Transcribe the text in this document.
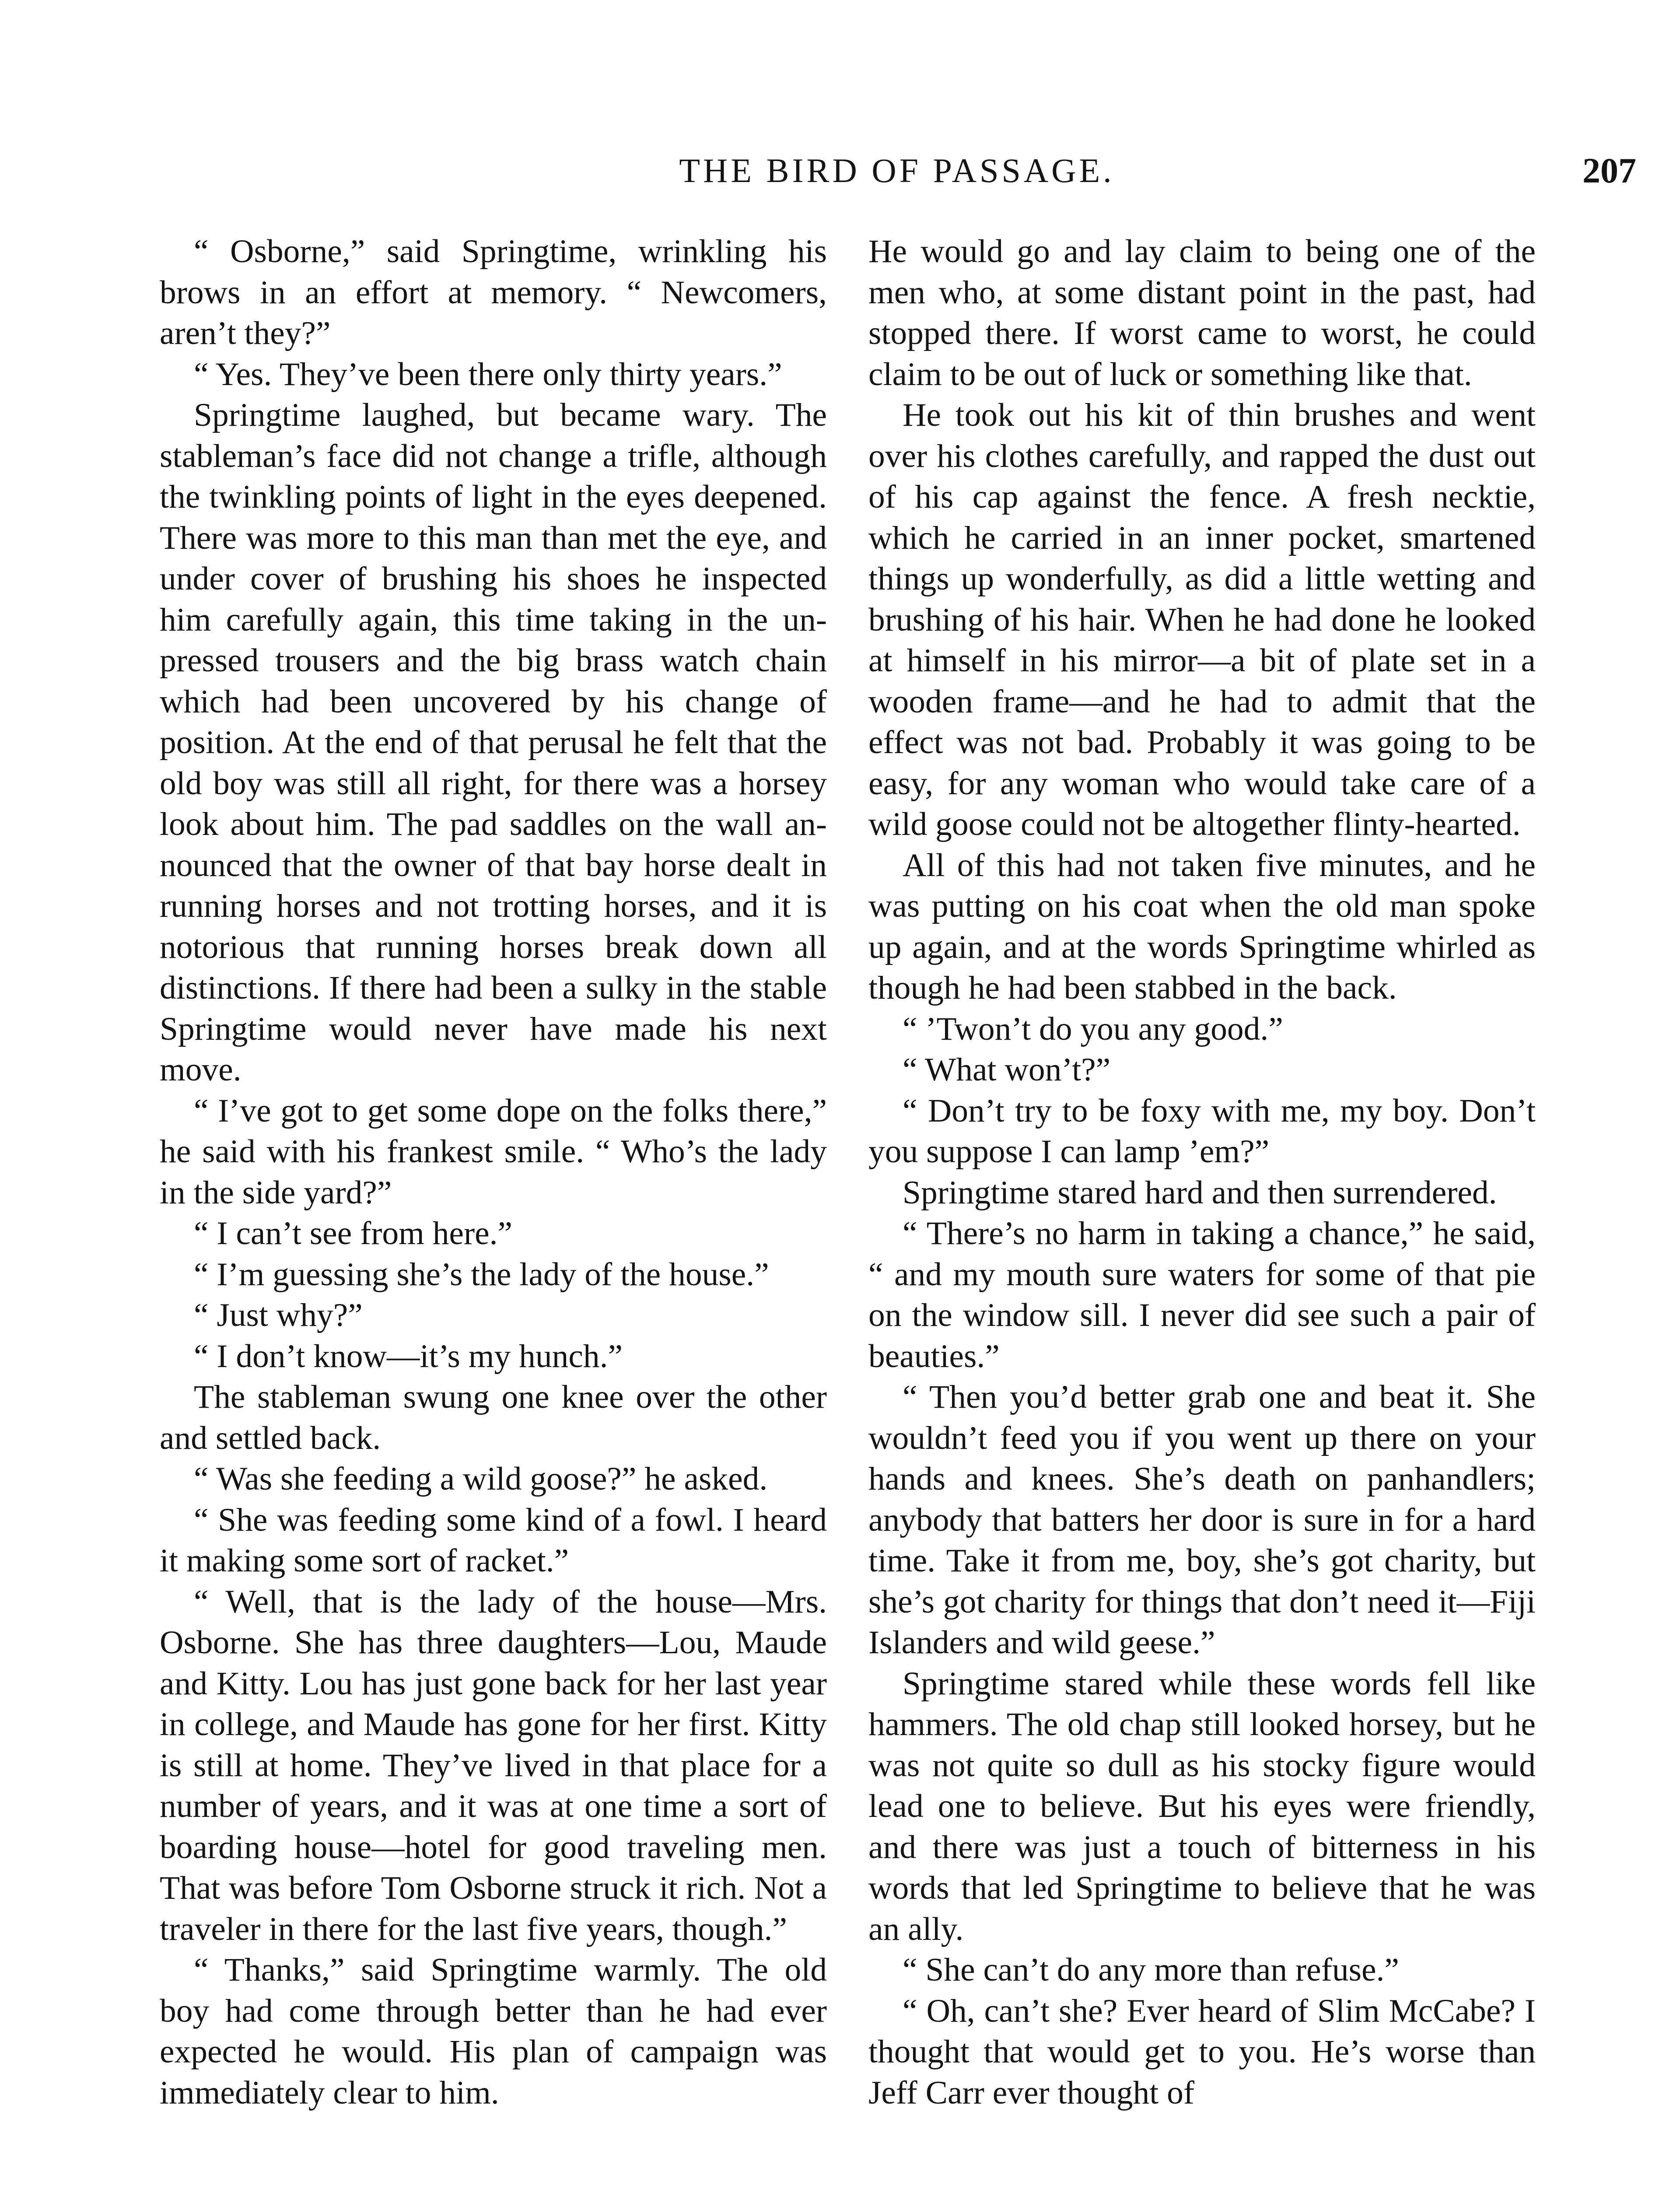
THE BIRD OF PASSAGE.	207

“ Osborne,” said Springtime, wrinkling his brows in an effort at memory. “ Newcomers, aren’t they?”

“ Yes. They’ve been there only thirty years.”

Springtime laughed, but became wary. The stableman’s face did not change a trifle, although the twinkling points of light in the eyes deepened. There was more to this man than met the eye, and under cover of brushing his shoes he inspected him carefully again, this time taking in the unpressed trousers and the big brass watch chain which had been uncovered by his change of position. At the end of that perusal he felt that the old boy was still all right, for there was a horsey look about him. The pad saddles on the wall announced that the owner of that bay horse dealt in running horses and not trotting horses, and it is notorious that running horses break down all distinctions. If there had been a sulky in the stable Springtime would never have made his next move.

“ I’ve got to get some dope on the folks there,” he said with his frankest smile. “ Who’s the lady in the side yard?”

“ I can’t see from here.”

“ I’m guessing she’s the lady of the house.”

“ Just why?”

“ I don’t know—it’s my hunch.”

The stableman swung one knee over the other and settled back.

“ Was she feeding a wild goose?” he asked.

“ She was feeding some kind of a fowl. I heard it making some sort of racket.”

“ Well, that is the lady of the house—Mrs. Osborne. She has three daughters—Lou, Maude and Kitty. Lou has just gone back for her last year in college, and Maude has gone for her first. Kitty is still at home. They’ve lived in that place for a number of years, and it was at one time a sort of boarding house—hotel for good traveling men. That was before Tom Osborne struck it rich. Not a traveler in there for the last five years, though.”

“ Thanks,” said Springtime warmly. The old boy had come through better than he had ever expected he would. His plan of campaign was immediately clear to him.

He would go and lay claim to being one of the men who, at some distant point in the past, had stopped there. If worst came to worst, he could claim to be out of luck or something like that.

He took out his kit of thin brushes and went over his clothes carefully, and rapped the dust out of his cap against the fence. A fresh necktie, which he carried in an inner pocket, smartened things up wonderfully, as did a little wetting and brushing of his hair. When he had done he looked at himself in his mirror—a bit of plate set in a wooden frame—and he had to admit that the effect was not bad. Probably it was going to be easy, for any woman who would take care of a wild goose could not be altogether flinty-hearted.

All of this had not taken five minutes, and he was putting on his coat when the old man spoke up again, and at the words Springtime whirled as though he had been stabbed in the back.

“ ’Twon’t do you any good.”

“ What won’t?”

“ Don’t try to be foxy with me, my boy. Don’t you suppose I can lamp ’em?”

Springtime stared hard and then surrendered.

“ There’s no harm in taking a chance,” he said, “ and my mouth sure waters for some of that pie on the window sill. I never did see such a pair of beauties.”

“ Then you’d better grab one and beat it. She wouldn’t feed you if you went up there on your hands and knees. She’s death on panhandlers; anybody that batters her door is sure in for a hard time. Take it from me, boy, she’s got charity, but she’s got charity for things that don’t need it—Fiji Islanders and wild geese.”

Springtime stared while these words fell like hammers. The old chap still looked horsey, but he was not quite so dull as his stocky figure would lead one to believe. But his eyes were friendly, and there was just a touch of bitterness in his words that led Springtime to believe that he was an ally.

“ She can’t do any more than refuse.”

“ Oh, can’t she? Ever heard of Slim McCabe? I thought that would get to you. He’s worse than Jeff Carr ever thought of
